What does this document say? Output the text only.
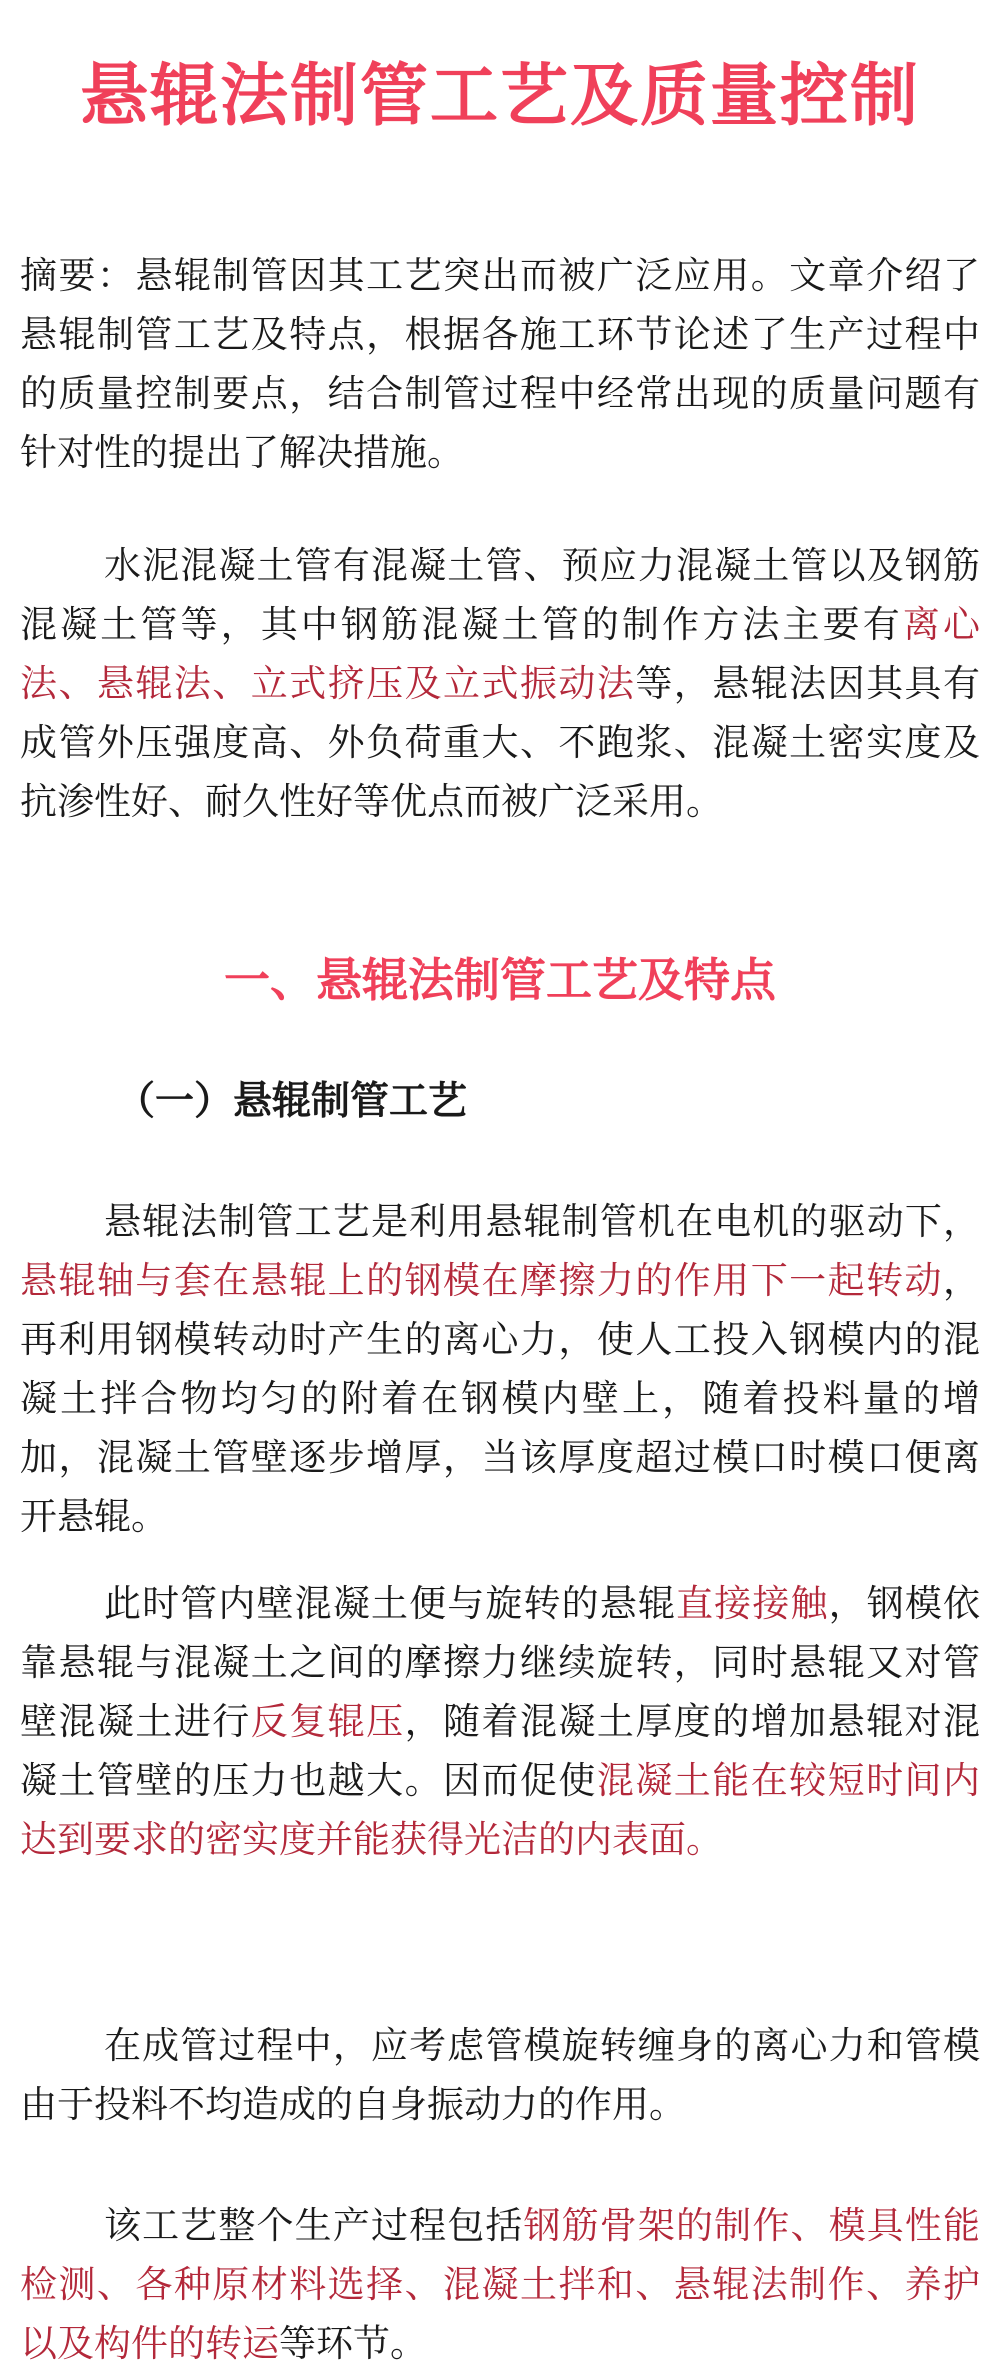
悬辊法制管工艺及质量控制

摘要：悬辊制管因其工艺突出而被广泛应用。文章介绍了悬辊制管工艺及特点，根据各施工环节论述了生产过程中的质量控制要点，结合制管过程中经常出现的质量问题有针对性的提出了解决措施。

水泥混凝土管有混凝土管、预应力混凝土管以及钢筋混凝土管等，其中钢筋混凝土管的制作方法主要有离心法、悬辊法、立式挤压及立式振动法等，悬辊法因其具有成管外压强度高、外负荷重大、不跑浆、混凝土密实度及抗渗性好、耐久性好等优点而被广泛采用。

一、悬辊法制管工艺及特点
（一）悬辊制管工艺

悬辊法制管工艺是利用悬辊制管机在电机的驱动下，悬辊轴与套在悬辊上的钢模在摩擦力的作用下一起转动，再利用钢模转动时产生的离心力，使人工投入钢模内的混凝土拌合物均匀的附着在钢模内壁上，随着投料量的增加，混凝土管壁逐步增厚，当该厚度超过模口时模口便离开悬辊。

此时管内壁混凝土便与旋转的悬辊直接接触，钢模依靠悬辊与混凝土之间的摩擦力继续旋转，同时悬辊又对管壁混凝土进行反复辊压，随着混凝土厚度的增加悬辊对混凝土管壁的压力也越大。因而促使混凝土能在较短时间内达到要求的密实度并能获得光洁的内表面。

在成管过程中，应考虑管模旋转缠身的离心力和管模由于投料不均造成的自身振动力的作用。

该工艺整个生产过程包括钢筋骨架的制作、模具性能检测、各种原材料选择、混凝土拌和、悬辊法制作、养护以及构件的转运等环节。
